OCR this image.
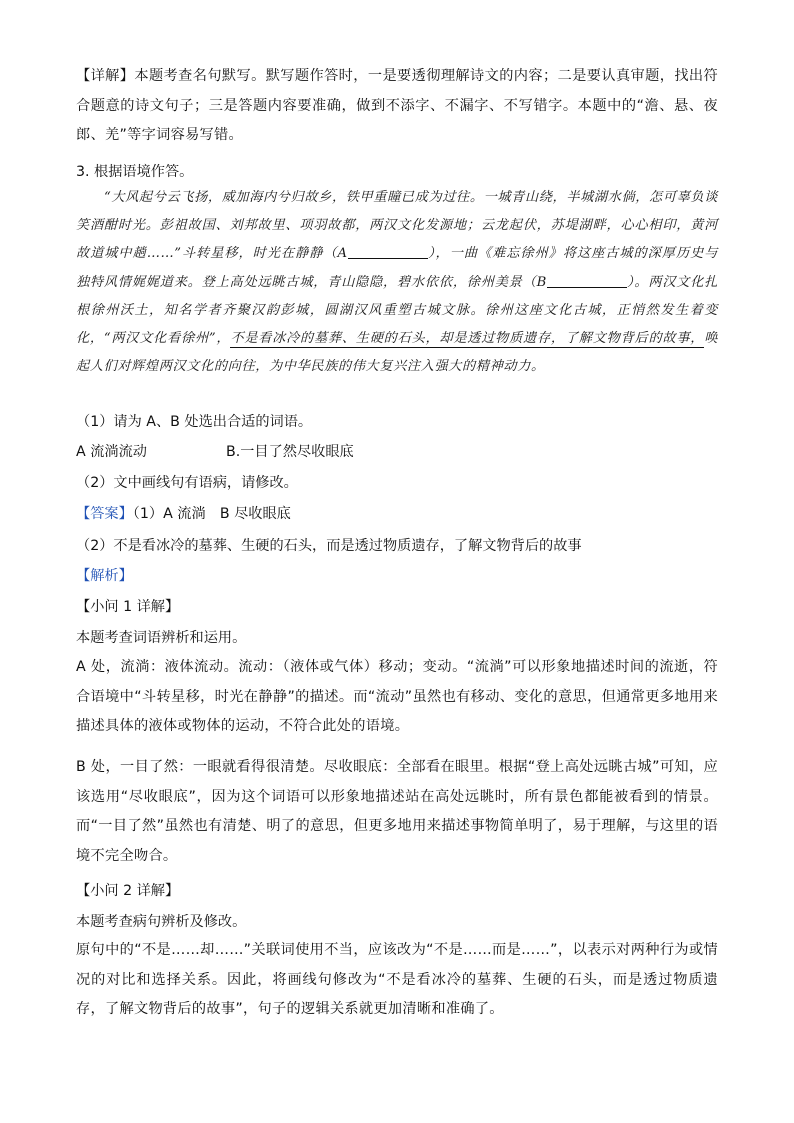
【详解】本题考查名句默写。默写题作答时，一是要透彻理解诗文的内容；二是要认真审题，找出符合题意的诗文句子；三是答题内容要准确，做到不添字、不漏字、不写错字。本题中的“澹、悬、夜郎、羌”等字词容易写错。
3. 根据语境作答。
“大风起兮云飞扬，威加海内兮归故乡，铁甲重瞳已成为过往。一城青山绕，半城湖水倘，怎可辜负谈笑酒酣时光。彭祖故国、刘邦故里、项羽故都，两汉文化发源地；云龙起伏，苏堤湖畔，心心相印，黄河故道城中趟……”斗转星移，时光在静静（A	），一曲《难忘徐州》将这座古城的深厚历史与独特风情娓娓道来。登上高处远眺古城，青山隐隐，碧水依依，徐州美景（B	）。两汉文化扎根徐州沃土，知名学者齐聚汉韵彭城，圆湖汉风重塑古城文脉。徐州这座文化古城，正悄然发生着变化，“两汉文化看徐州”，不是看冰冷的墓葬、生硬的石头，却是透过物质遗存，了解文物背后的故事，唤起人们对辉煌两汉文化的向往，为中华民族的伟大复兴注入强大的精神动力。
（1）请为 A、B 处选出合适的词语。
A 流淌流动	B.一目了然尽收眼底
（2）文中画线句有语病，请修改。
【答案】（1）A 流淌　B 尽收眼底
（2）不是看冰冷的墓葬、生硬的石头，而是透过物质遗存，了解文物背后的故事
【解析】
【小问 1 详解】
本题考查词语辨析和运用。
A 处，流淌：液体流动。流动：（液体或气体）移动；变动。“流淌”可以形象地描述时间的流逝，符合语境中“斗转星移，时光在静静”的描述。而“流动”虽然也有移动、变化的意思，但通常更多地用来描述具体的液体或物体的运动，不符合此处的语境。
B 处，一目了然：一眼就看得很清楚。尽收眼底：全部看在眼里。根据“登上高处远眺古城”可知，应该选用“尽收眼底”，因为这个词语可以形象地描述站在高处远眺时，所有景色都能被看到的情景。而“一目了然”虽然也有清楚、明了的意思，但更多地用来描述事物简单明了，易于理解，与这里的语境不完全吻合。
【小问 2 详解】
本题考查病句辨析及修改。
原句中的“不是……却……”关联词使用不当，应该改为“不是……而是……”，以表示对两种行为或情况的对比和选择关系。因此，将画线句修改为“不是看冰冷的墓葬、生硬的石头，而是透过物质遗存，了解文物背后的故事”，句子的逻辑关系就更加清晰和准确了。
